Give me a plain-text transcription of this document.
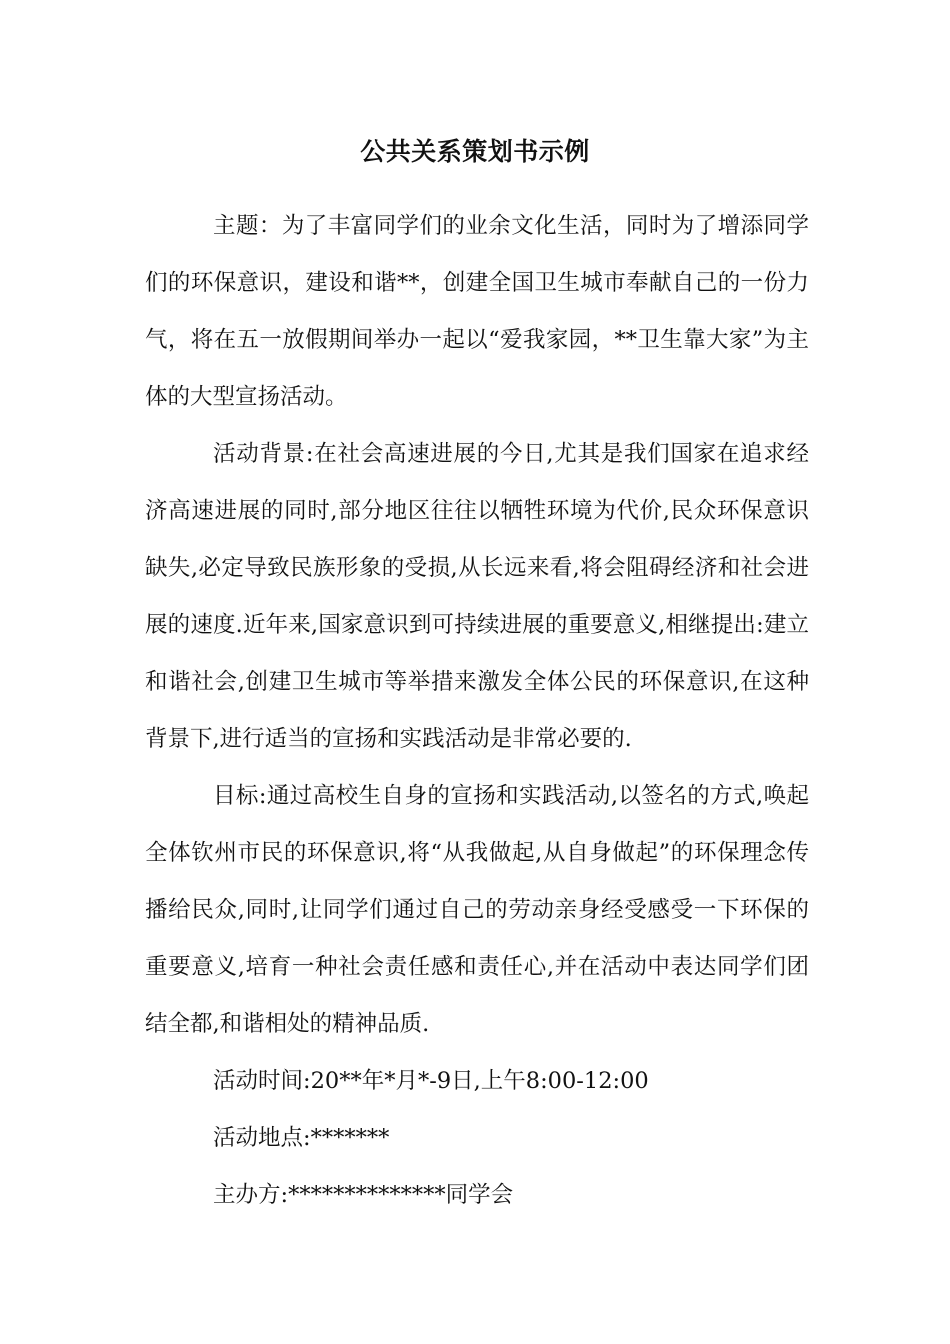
公共关系策划书示例

主题：为了丰富同学们的业余文化生活，同时为了增添同学们的环保意识，建设和谐**，创建全国卫生城市奉献自己的一份力气，将在五一放假期间举办一起以“爱我家园，**卫生靠大家”为主体的大型宣扬活动。

活动背景:在社会高速进展的今日,尤其是我们国家在追求经济高速进展的同时,部分地区往往以牺牲环境为代价,民众环保意识缺失,必定导致民族形象的受损,从长远来看,将会阻碍经济和社会进展的速度.近年来,国家意识到可持续进展的重要意义,相继提出:建立和谐社会,创建卫生城市等举措来激发全体公民的环保意识,在这种背景下,进行适当的宣扬和实践活动是非常必要的.

目标:通过高校生自身的宣扬和实践活动,以签名的方式,唤起全体钦州市民的环保意识,将“从我做起,从自身做起”的环保理念传播给民众,同时,让同学们通过自己的劳动亲身经受感受一下环保的重要意义,培育一种社会责任感和责任心,并在活动中表达同学们团结全都,和谐相处的精神品质.

活动时间:20**年*月*-9日,上午8:00-12:00

活动地点:*******

主办方:**************同学会
